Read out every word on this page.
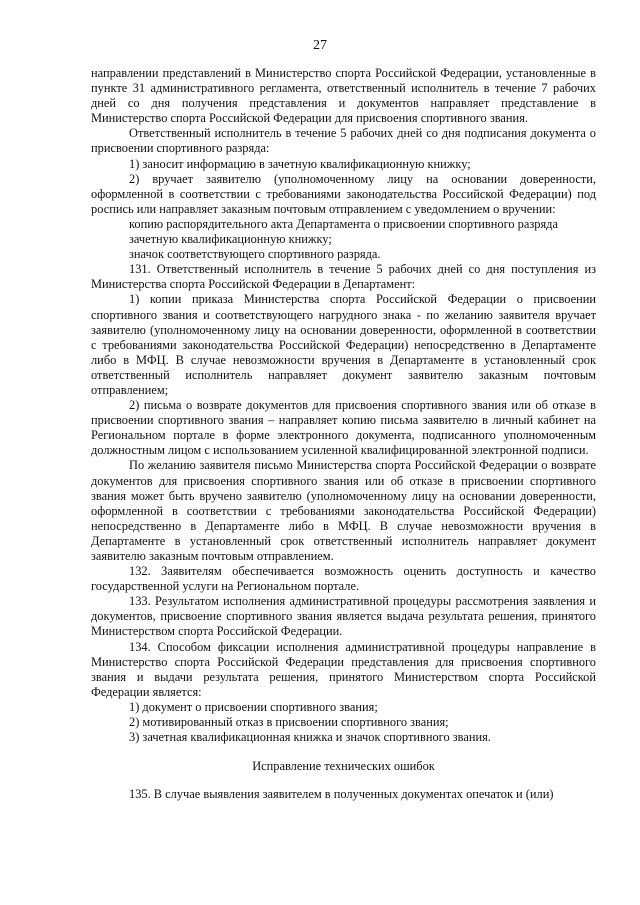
27

направлении представлений в Министерство спорта Российской Федерации, установленные в пункте 31 административного регламента, ответственный исполнитель в течение 7 рабочих дней со дня получения представления и документов направляет представление в Министерство спорта Российской Федерации для присвоения спортивного звания.

Ответственный исполнитель в течение 5 рабочих дней со дня подписания документа о присвоении спортивного разряда:

1) заносит информацию в зачетную квалификационную книжку;

2) вручает заявителю (уполномоченному лицу на основании доверенности, оформленной в соответствии с требованиями законодательства Российской Федерации) под роспись или направляет заказным почтовым отправлением с уведомлением о вручении:

копию распорядительного акта Департамента о присвоении спортивного разряда

зачетную квалификационную книжку;

значок соответствующего спортивного разряда.

131. Ответственный исполнитель в течение 5 рабочих дней со дня поступления из Министерства спорта Российской Федерации в Департамент:

1) копии приказа Министерства спорта Российской Федерации о присвоении спортивного звания и соответствующего нагрудного знака - по желанию заявителя вручает заявителю (уполномоченному лицу на основании доверенности, оформленной в соответствии с требованиями законодательства Российской Федерации) непосредственно в Департаменте либо в МФЦ. В случае невозможности вручения в Департаменте в установленный срок ответственный исполнитель направляет документ заявителю заказным почтовым отправлением;

2) письма о возврате документов для присвоения спортивного звания или об отказе в присвоении спортивного звания – направляет копию письма заявителю в личный кабинет на Региональном портале в форме электронного документа, подписанного уполномоченным должностным лицом с использованием усиленной квалифицированной электронной подписи.

По желанию заявителя письмо Министерства спорта Российской Федерации о возврате документов для присвоения спортивного звания или об отказе в присвоении спортивного звания может быть вручено заявителю (уполномоченному лицу на основании доверенности, оформленной в соответствии с требованиями законодательства Российской Федерации) непосредственно в Департаменте либо в МФЦ. В случае невозможности вручения в Департаменте в установленный срок ответственный исполнитель направляет документ заявителю заказным почтовым отправлением.

132. Заявителям обеспечивается возможность оценить доступность и качество государственной услуги на Региональном портале.

133. Результатом исполнения административной процедуры рассмотрения заявления и документов, присвоение спортивного звания является выдача результата решения, принятого Министерством спорта Российской Федерации.

134. Способом фиксации исполнения административной процедуры направление в Министерство спорта Российской Федерации представления для присвоения спортивного звания и выдачи результата решения, принятого Министерством спорта Российской Федерации является:

1) документ о присвоении спортивного звания;

2) мотивированный отказ в присвоении спортивного звания;

3) зачетная квалификационная книжка и значок спортивного звания.

Исправление технических ошибок

135. В случае выявления заявителем в полученных документах опечаток и (или)
